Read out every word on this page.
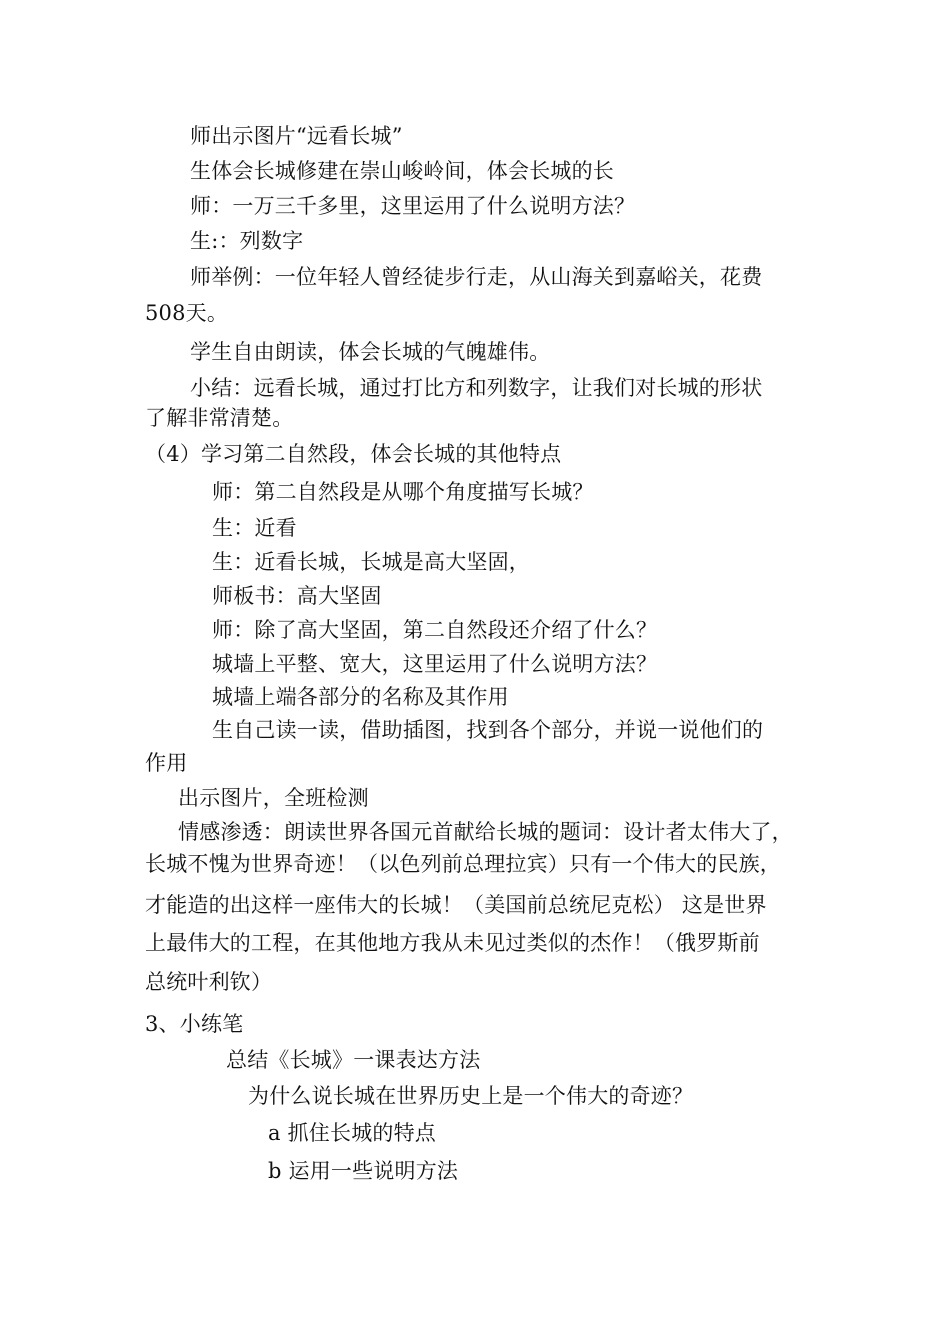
师出示图片“远看长城”
生体会长城修建在崇山峻岭间，体会长城的长
师：一万三千多里，这里运用了什么说明方法？
生:：列数字
师举例：一位年轻人曾经徒步行走，从山海关到嘉峪关，花费
508天。
学生自由朗读，体会长城的气魄雄伟。
小结：远看长城，通过打比方和列数字，让我们对长城的形状
了解非常清楚。
（4）学习第二自然段，体会长城的其他特点
师：第二自然段是从哪个角度描写长城？
生：近看
生：近看长城，长城是高大坚固，
师板书：高大坚固
师：除了高大坚固，第二自然段还介绍了什么？
城墙上平整、宽大，这里运用了什么说明方法？
城墙上端各部分的名称及其作用
生自己读一读，借助插图，找到各个部分，并说一说他们的
作用
出示图片，全班检测
情感渗透：朗读世界各国元首献给长城的题词：设计者太伟大了，
长城不愧为世界奇迹！（以色列前总理拉宾）只有一个伟大的民族，
才能造的出这样一座伟大的长城！（美国前总统尼克松） 这是世界
上最伟大的工程，在其他地方我从未见过类似的杰作！（俄罗斯前
总统叶利钦）
3、小练笔
总结《长城》一课表达方法
为什么说长城在世界历史上是一个伟大的奇迹？
a 抓住长城的特点
b 运用一些说明方法
